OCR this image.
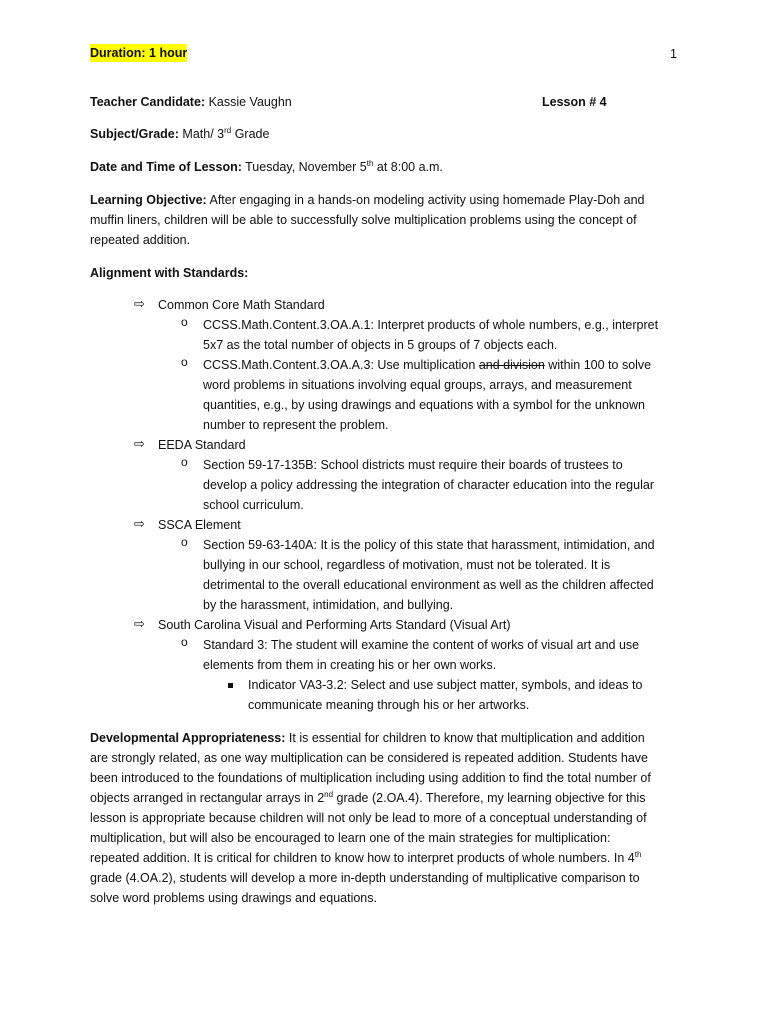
Duration: 1 hour	1
Teacher Candidate: Kassie Vaughn	Lesson # 4
Subject/Grade: Math/ 3rd Grade
Date and Time of Lesson: Tuesday, November 5th at 8:00 a.m.
Learning Objective: After engaging in a hands-on modeling activity using homemade Play-Doh and
muffin liners, children will be able to successfully solve multiplication problems using the concept of
repeated addition.
Alignment with Standards:
⇨ Common Core Math Standard
o CCSS.Math.Content.3.OA.A.1: Interpret products of whole numbers, e.g., interpret
5x7 as the total number of objects in 5 groups of 7 objects each.
o CCSS.Math.Content.3.OA.A.3: Use multiplication and division within 100 to solve
word problems in situations involving equal groups, arrays, and measurement
quantities, e.g., by using drawings and equations with a symbol for the unknown
number to represent the problem.
⇨ EEDA Standard
o Section 59-17-135B: School districts must require their boards of trustees to
develop a policy addressing the integration of character education into the regular
school curriculum.
⇨ SSCA Element
o Section 59-63-140A: It is the policy of this state that harassment, intimidation, and
bullying in our school, regardless of motivation, must not be tolerated. It is
detrimental to the overall educational environment as well as the children affected
by the harassment, intimidation, and bullying.
⇨ South Carolina Visual and Performing Arts Standard (Visual Art)
o Standard 3: The student will examine the content of works of visual art and use
elements from them in creating his or her own works.
Indicator VA3-3.2: Select and use subject matter, symbols, and ideas to
communicate meaning through his or her artworks.
Developmental Appropriateness: It is essential for children to know that multiplication and addition
are strongly related, as one way multiplication can be considered is repeated addition. Students have
been introduced to the foundations of multiplication including using addition to find the total number of
objects arranged in rectangular arrays in 2nd grade (2.OA.4). Therefore, my learning objective for this
lesson is appropriate because children will not only be lead to more of a conceptual understanding of
multiplication, but will also be encouraged to learn one of the main strategies for multiplication:
repeated addition. It is critical for children to know how to interpret products of whole numbers. In 4th
grade (4.OA.2), students will develop a more in-depth understanding of multiplicative comparison to
solve word problems using drawings and equations.
